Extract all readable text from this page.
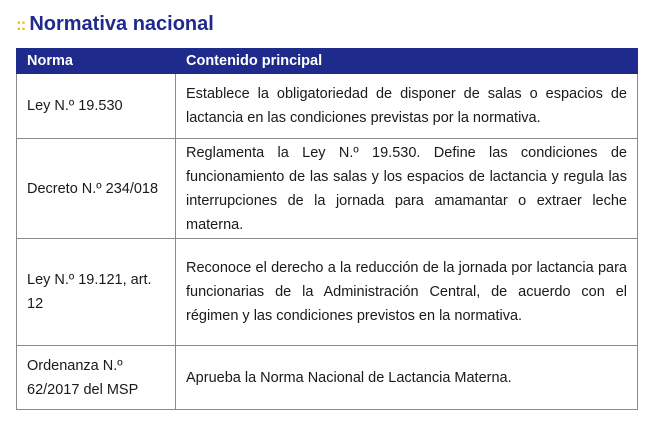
:: Normativa nacional
Norma	Contenido principal
Ley N.º 19.530	Establece la obligatoriedad de disponer de salas o espacios de lactancia en las condiciones previstas por la normativa.
Decreto N.º 234/018	Reglamenta la Ley N.º 19.530. Define las condiciones de funcionamiento de las salas y los espacios de lactancia y regula las interrupciones de la jornada para amamantar o extraer leche materna.
Ley N.º 19.121, art. 12	Reconoce el derecho a la reducción de la jornada por lactancia para funcionarias de la Administración Central, de acuerdo con el régimen y las condiciones previstos en la normativa.
Ordenanza N.º 62/2017 del MSP	Aprueba la Norma Nacional de Lactancia Materna.
